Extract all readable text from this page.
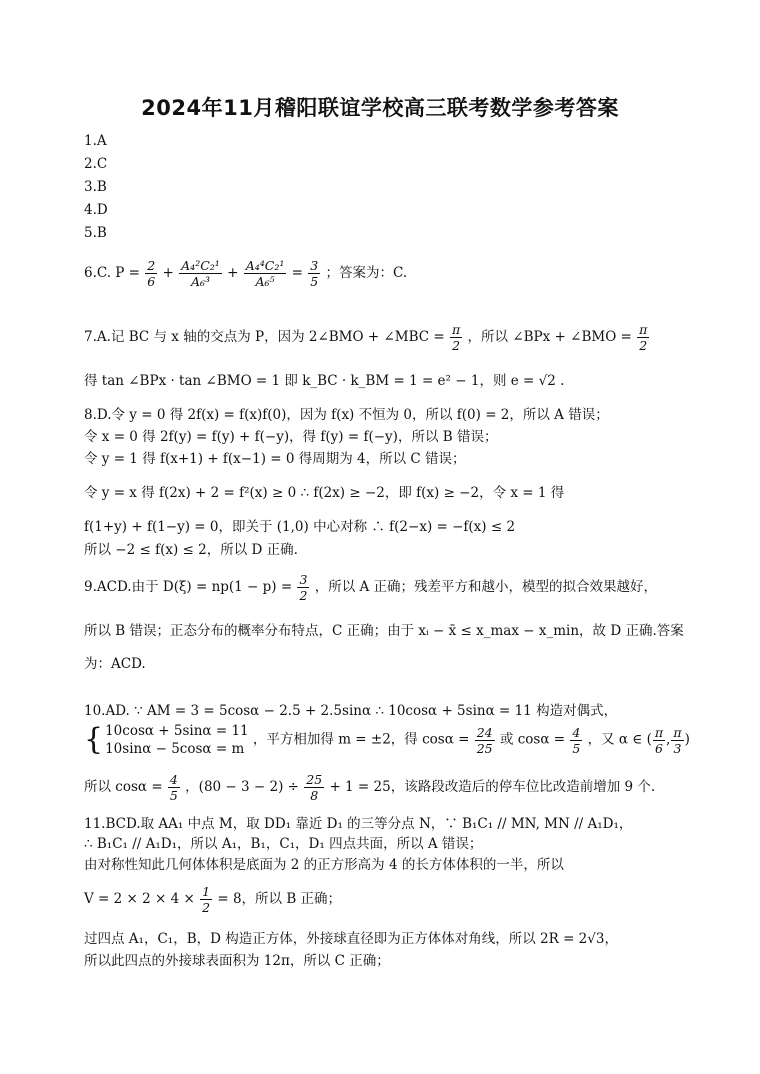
2024年11月稽阳联谊学校高三联考数学参考答案
1.A
2.C
3.B
4.D
5.B
6.C. $P = \frac{2}{6} + \frac{\text{A₄²C₂¹}}{\text{A₆³}} + \frac{\text{A₄⁴C₂¹}}{\text{A₆⁵}} = \frac{3}{5}$ ；答案为：C.
7.A.记 BC 与 x 轴的交点为 P，因为 2∠BMO + ∠MBC = $\frac{\pi}{2}$ ，所以 ∠BPx + ∠BMO = $\frac{\pi}{2}$
得 tan ∠BPx · tan ∠BMO = 1 即 k_BC · k_BM = 1 = e² − 1，则 e = √2 .
8.D.令 y = 0 得 2f(x) = f(x)f(0)，因为 f(x) 不恒为 0，所以 f(0) = 2，所以 A 错误；
令 x = 0 得 2f(y) = f(y) + f(−y)，得 f(y) = f(−y)，所以 B 错误；
令 y = 1 得 f(x+1) + f(x−1) = 0 得周期为 4，所以 C 错误；
令 y = x 得 f(2x) + 2 = f²(x) ≥ 0 ∴ f(2x) ≥ −2，即 f(x) ≥ −2，令 x = 1 得
f(1+y) + f(1−y) = 0，即关于 (1,0) 中心对称 ∴ f(2−x) = −f(x) ≤ 2
所以 −2 ≤ f(x) ≤ 2，所以 D 正确.
9.ACD.由于 $D(\xi) = np(1 - p) = \frac{3}{2}$ ，所以 A 正确；残差平方和越小，模型的拟合效果越好，
所以 B 错误；正态分布的概率分布特点，C 正确；由于 xᵢ − x̄ ≤ x_max − x_min，故 D 正确.答案
为：ACD.
10.AD. ∵ AM = 3 = 5cosα − 2.5 + 2.5sinα ∴ 10cosα + 5sinα = 11 构造对偶式，
{ 10cosα + 5sinα = 11
10sinα − 5cosα = m
，平方相加得 m = ±2，得 $\cos\alpha = \frac{24}{25}$ 或 $\cos\alpha = \frac{4}{5}$ ，又 α ∈ ( $\frac{\pi}{6}$ , $\frac{\pi}{3}$ )
所以 $\cos\alpha = \frac{4}{5}$ ，$(80 - 3 - 2) \div \frac{25}{8} + 1 = 25$，该路段改造后的停车位比改造前增加 9 个.
11.BCD.取 AA₁ 中点 M，取 DD₁ 靠近 D₁ 的三等分点 N，∵ B₁C₁ // MN, MN // A₁D₁，
∴ B₁C₁ // A₁D₁，所以 A₁，B₁，C₁，D₁ 四点共面，所以 A 错误；
由对称性知此几何体体积是底面为 2 的正方形高为 4 的长方体体积的一半，所以
$V = 2 \times 2 \times 4 \times \frac{1}{2} = 8$，所以 B 正确；
过四点 A₁，C₁，B，D 构造正方体，外接球直径即为正方体体对角线，所以 2R = 2√3，
所以此四点的外接球表面积为 12π，所以 C 正确；
